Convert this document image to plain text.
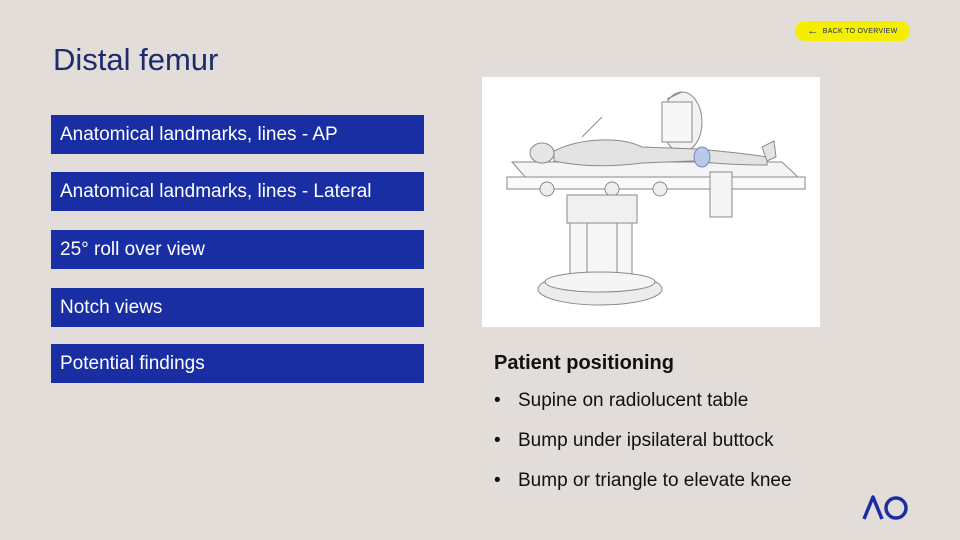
← BACK TO OVERVIEW
Distal femur
Anatomical landmarks, lines - AP
Anatomical landmarks, lines - Lateral
25° roll over view
Notch views
Potential findings	Patient positioning
• Supine on radiolucent table
• Bump under ipsilateral buttock
• Bump or triangle to elevate knee
